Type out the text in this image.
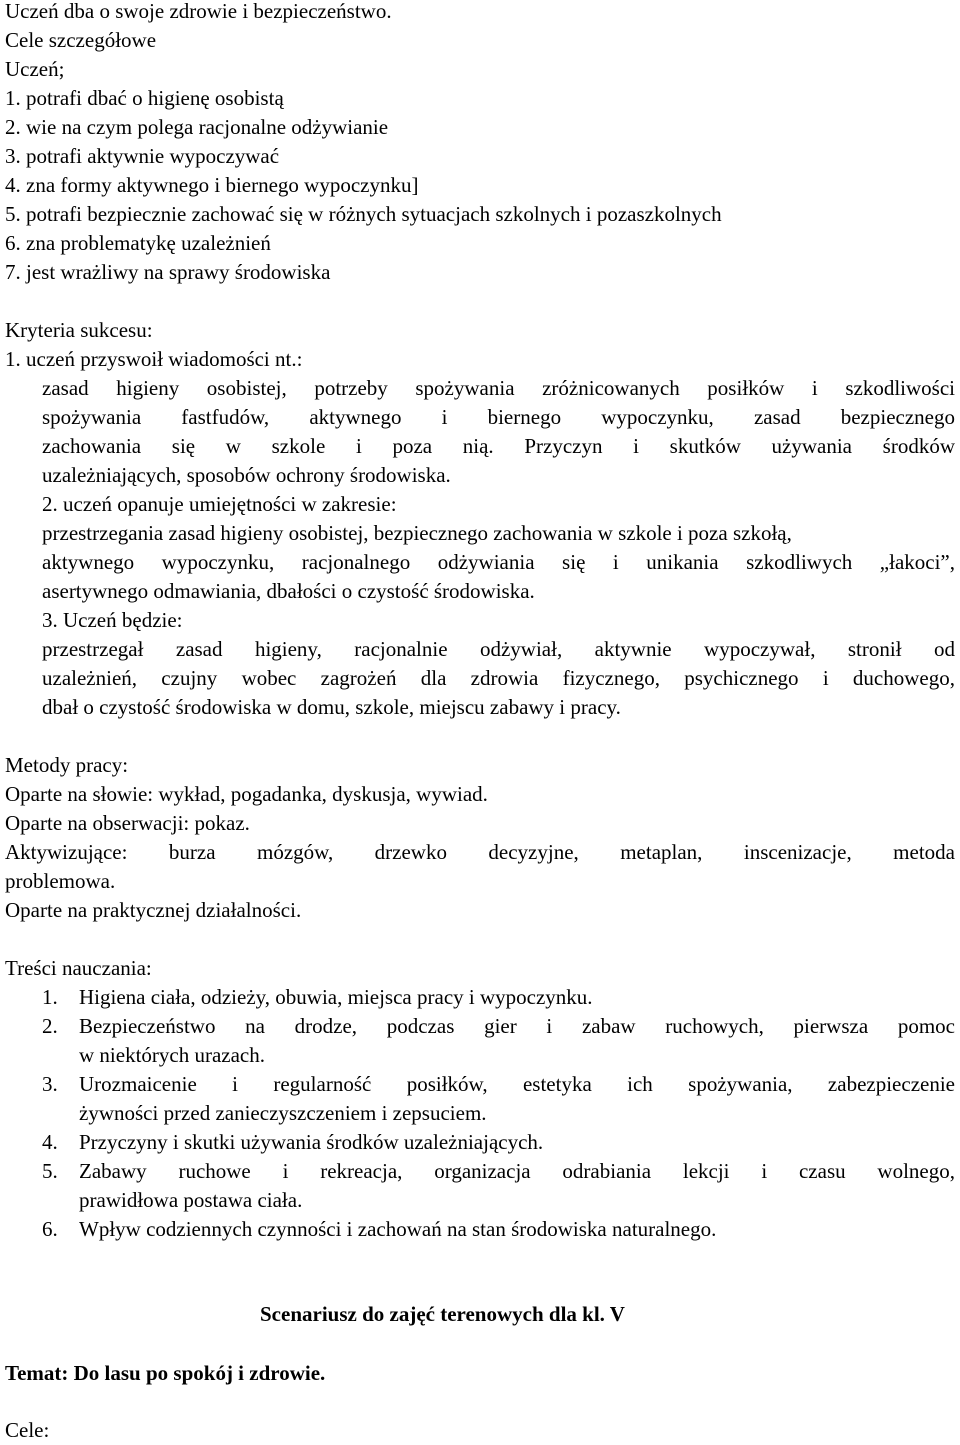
Uczeń dba o swoje zdrowie i bezpieczeństwo.
Cele szczegółowe
Uczeń;
1. potrafi dbać o higienę osobistą
2. wie na czym polega racjonalne odżywianie
3. potrafi aktywnie wypoczywać
4. zna formy aktywnego i biernego wypoczynku]
5. potrafi bezpiecznie zachować się w różnych sytuacjach szkolnych i pozaszkolnych
6. zna problematykę uzależnień
7. jest wrażliwy na sprawy środowiska
Kryteria sukcesu:
1. uczeń przyswoił wiadomości nt.:
zasad higieny osobistej, potrzeby spożywania zróżnicowanych posiłków i szkodliwości
spożywania fastfudów, aktywnego i biernego wypoczynku, zasad bezpiecznego
zachowania się w szkole i poza nią. Przyczyn i skutków używania środków
uzależniających, sposobów ochrony środowiska.
2. uczeń opanuje umiejętności w zakresie:
przestrzegania zasad higieny osobistej, bezpiecznego zachowania w szkole i poza szkołą,
aktywnego wypoczynku, racjonalnego odżywiania się i unikania szkodliwych „łakoci”,
asertywnego odmawiania, dbałości o czystość środowiska.
3. Uczeń będzie:
przestrzegał zasad higieny, racjonalnie odżywiał, aktywnie wypoczywał, stronił od
uzależnień, czujny wobec zagrożeń dla zdrowia fizycznego, psychicznego i duchowego,
dbał o czystość środowiska w domu, szkole, miejscu zabawy i pracy.
Metody pracy:
Oparte na słowie: wykład, pogadanka, dyskusja, wywiad.
Oparte na obserwacji: pokaz.
Aktywizujące: burza mózgów, drzewko decyzyjne, metaplan, inscenizacje, metoda
problemowa.
Oparte na praktycznej działalności.
Treści nauczania:
1. Higiena ciała, odzieży, obuwia, miejsca pracy i wypoczynku.
2. Bezpieczeństwo na drodze, podczas gier i zabaw ruchowych, pierwsza pomoc
w niektórych urazach.
3. Urozmaicenie i regularność posiłków, estetyka ich spożywania, zabezpieczenie
żywności przed zanieczyszczeniem i zepsuciem.
4. Przyczyny i skutki używania środków uzależniających.
5. Zabawy ruchowe i rekreacja, organizacja odrabiania lekcji i czasu wolnego,
prawidłowa postawa ciała.
6. Wpływ codziennych czynności i zachowań na stan środowiska naturalnego.
Scenariusz do zajęć terenowych dla kl. V
Temat: Do lasu po spokój i zdrowie.
Cele:
